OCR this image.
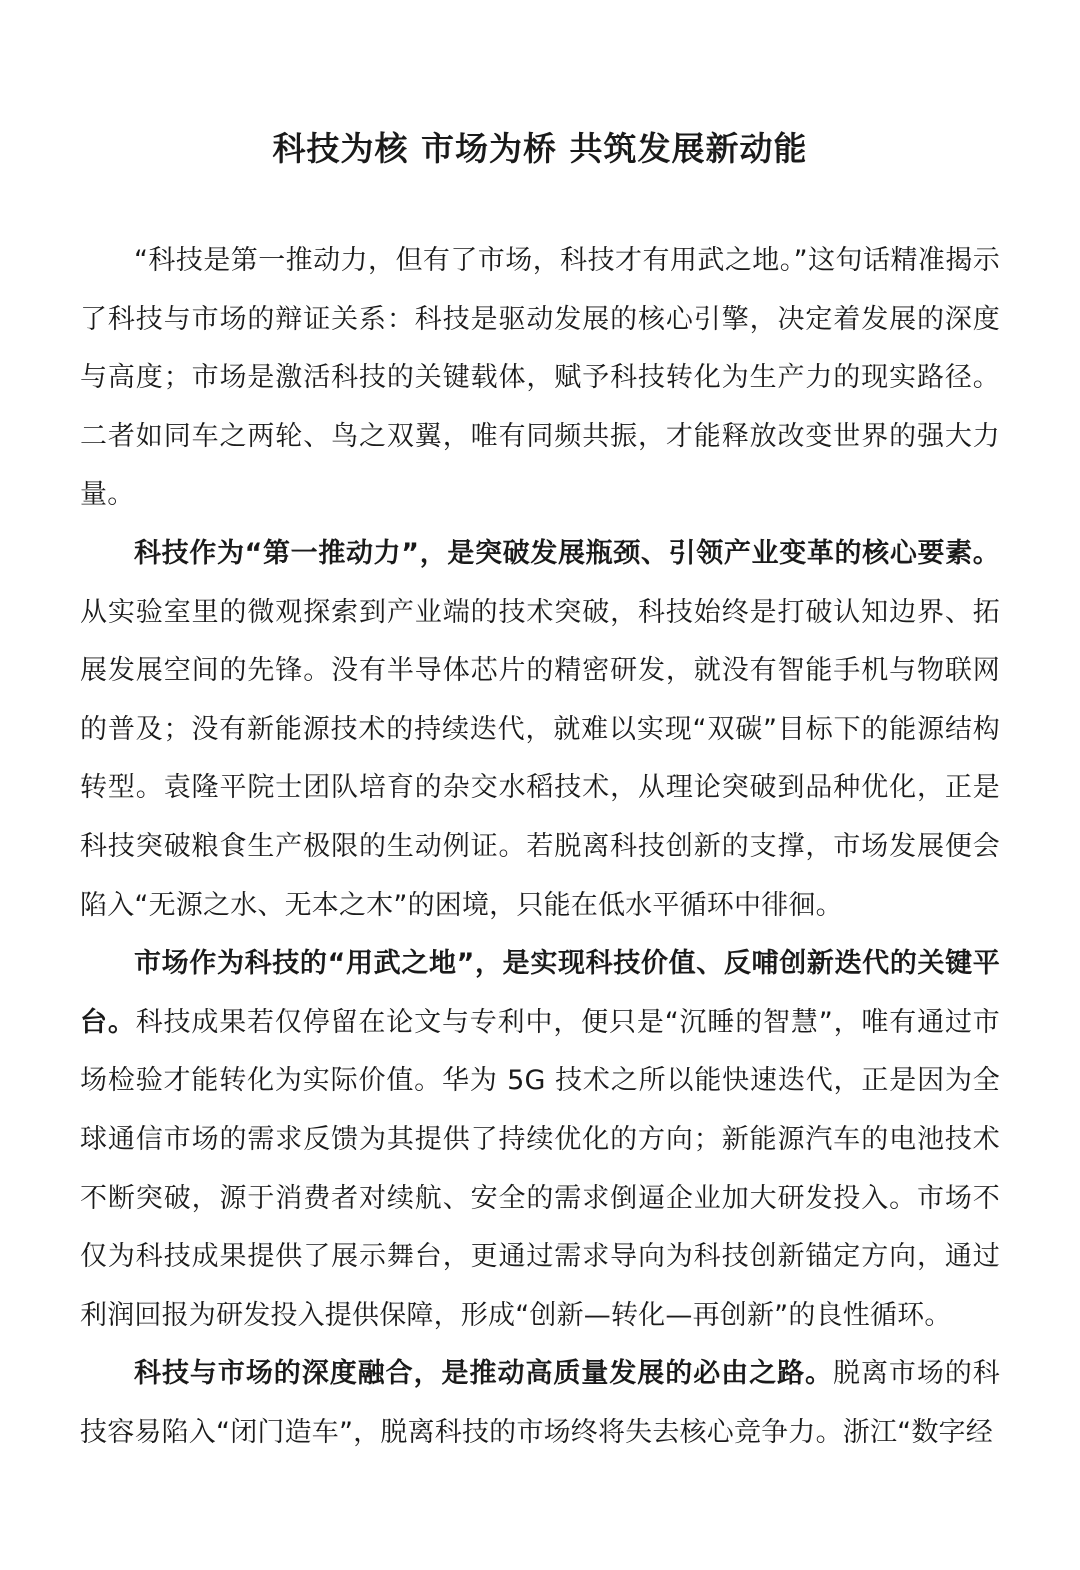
科技为核 市场为桥 共筑发展新动能

“科技是第一推动力，但有了市场，科技才有用武之地。”这句话精准揭示了科技与市场的辩证关系：科技是驱动发展的核心引擎，决定着发展的深度与高度；市场是激活科技的关键载体，赋予科技转化为生产力的现实路径。二者如同车之两轮、鸟之双翼，唯有同频共振，才能释放改变世界的强大力量。

科技作为“第一推动力”，是突破发展瓶颈、引领产业变革的核心要素。从实验室里的微观探索到产业端的技术突破，科技始终是打破认知边界、拓展发展空间的先锋。没有半导体芯片的精密研发，就没有智能手机与物联网的普及；没有新能源技术的持续迭代，就难以实现“双碳”目标下的能源结构转型。袁隆平院士团队培育的杂交水稻技术，从理论突破到品种优化，正是科技突破粮食生产极限的生动例证。若脱离科技创新的支撑，市场发展便会陷入“无源之水、无本之木”的困境，只能在低水平循环中徘徊。

市场作为科技的“用武之地”，是实现科技价值、反哺创新迭代的关键平台。科技成果若仅停留在论文与专利中，便只是“沉睡的智慧”，唯有通过市场检验才能转化为实际价值。华为 5G 技术之所以能快速迭代，正是因为全球通信市场的需求反馈为其提供了持续优化的方向；新能源汽车的电池技术不断突破，源于消费者对续航、安全的需求倒逼企业加大研发投入。市场不仅为科技成果提供了展示舞台，更通过需求导向为科技创新锚定方向，通过利润回报为研发投入提供保障，形成“创新—转化—再创新”的良性循环。

科技与市场的深度融合，是推动高质量发展的必由之路。脱离市场的科技容易陷入“闭门造车”，脱离科技的市场终将失去核心竞争力。浙江“数字经
